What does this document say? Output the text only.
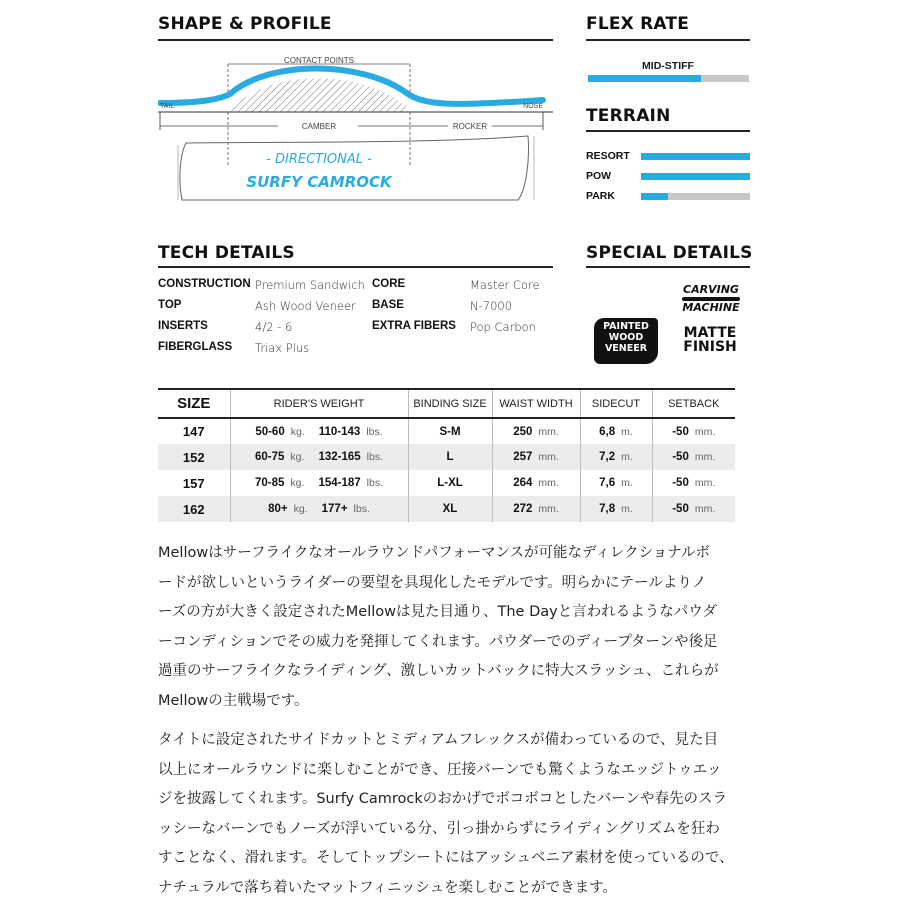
SHAPE & PROFILE
CONTACT POINTS
TAIL	NOSE
CAMBER	ROCKER
- DIRECTIONAL -
SURFY CAMROCK
FLEX RATE
MID-STIFF
TERRAIN
RESORT
POW
PARK
TECH DETAILS
CONSTRUCTION Premium Sandwich
TOP	Ash Wood Veneer
INSERTS	4/2 - 6
FIBERGLASS	Triax Plus
CORE	Master Core
BASE	N-7000
EXTRA FIBERS	Pop Carbon
SPECIAL DETAILS
CARVING
MACHINE
PAINTED
WOOD
VENEER
MATTE
FINISH
SIZE	RIDER'S WEIGHT	BINDING SIZE	WAIST WIDTH	SIDECUT	SETBACK
147	50-60 kg. 110-143 lbs.	S-M	250 mm.	6,8 m.	-50 mm.
152	60-75 kg. 132-165 lbs.	L	257 mm.	7,2 m.	-50 mm.
157	70-85 kg. 154-187 lbs.	L-XL	264 mm.	7,6 m.	-50 mm.
162	80+ kg. 177+ lbs.	XL	272 mm.	7,8 m.	-50 mm.
Mellowはサーフライクなオールラウンドパフォーマンスが可能なディレクショナルボ
ードが欲しいというライダーの要望を具現化したモデルです。明らかにテールよりノ
ーズの方が大きく設定されたMellowは見た目通り、The Dayと言われるようなパウダ
ーコンディションでその威力を発揮してくれます。パウダーでのディープターンや後足
過重のサーフライクなライディング、激しいカットバックに特大スラッシュ、これらが
Mellowの主戦場です。
タイトに設定されたサイドカットとミディアムフレックスが備わっているので、見た目
以上にオールラウンドに楽しむことができ、圧接バーンでも驚くようなエッジトゥエッ
ジを披露してくれます。Surfy Camrockのおかげでボコボコとしたバーンや春先のスラ
ッシーなバーンでもノーズが浮いている分、引っ掛からずにライディングリズムを狂わ
すことなく、滑れます。そしてトップシートにはアッシュベニア素材を使っているので、
ナチュラルで落ち着いたマットフィニッシュを楽しむことができます。
